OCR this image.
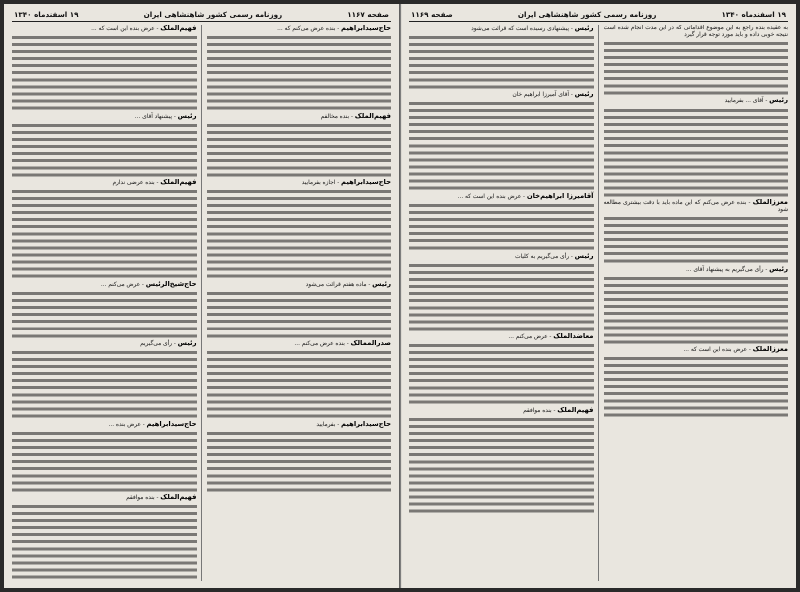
صفحه ۱۱۶۷
روزنامه رسمی کشور شاهنشاهی ایران
۱۹ اسفندماه ۱۳۴۰
حاج‌سیدابراهیم - بنده عرض می‌کنم که ...
فهیم‌الملک - بنده مخالفم
حاج‌سیدابراهیم - اجازه بفرمایید
رئیس - ماده هفتم قرائت می‌شود
صدرالممالک - بنده عرض می‌کنم ...
حاج‌سیدابراهیم - بفرمایید
فهیم‌الملک - عرض بنده این است که ...
رئیس - پیشنهاد آقای ...
فهیم‌الملک - بنده عرضی ندارم
حاج‌شیخ‌الرئیس - عرض می‌کنم ...
رئیس - رأی می‌گیریم
حاج‌سیدابراهیم - عرض بنده ...
فهیم‌الملک - بنده موافقم
۱۹ اسفندماه ۱۳۴۰
روزنامه رسمی کشور شاهنشاهی ایران
صفحه ۱۱۶۹
به عقیده بنده راجع به این موضوع اقداماتی که در این مدت انجام شده است نتیجه خوبی داده و باید مورد توجه قرار گیرد
رئیس - آقای ... بفرمایید
معززالملک - بنده عرض می‌کنم که این ماده باید با دقت بیشتری مطالعه شود
رئیس - رأی می‌گیریم به پیشنهاد آقای ...
معززالملک - عرض بنده این است که ...
رئیس - پیشنهادی رسیده است که قرائت می‌شود
رئیس - آقای آمیرزا ابراهیم خان
آقامیرزا ابراهیم‌خان - عرض بنده این است که ...
رئیس - رأی می‌گیریم به کلیات
معاضدالملک - عرض می‌کنم ...
فهیم‌الملک - بنده موافقم
